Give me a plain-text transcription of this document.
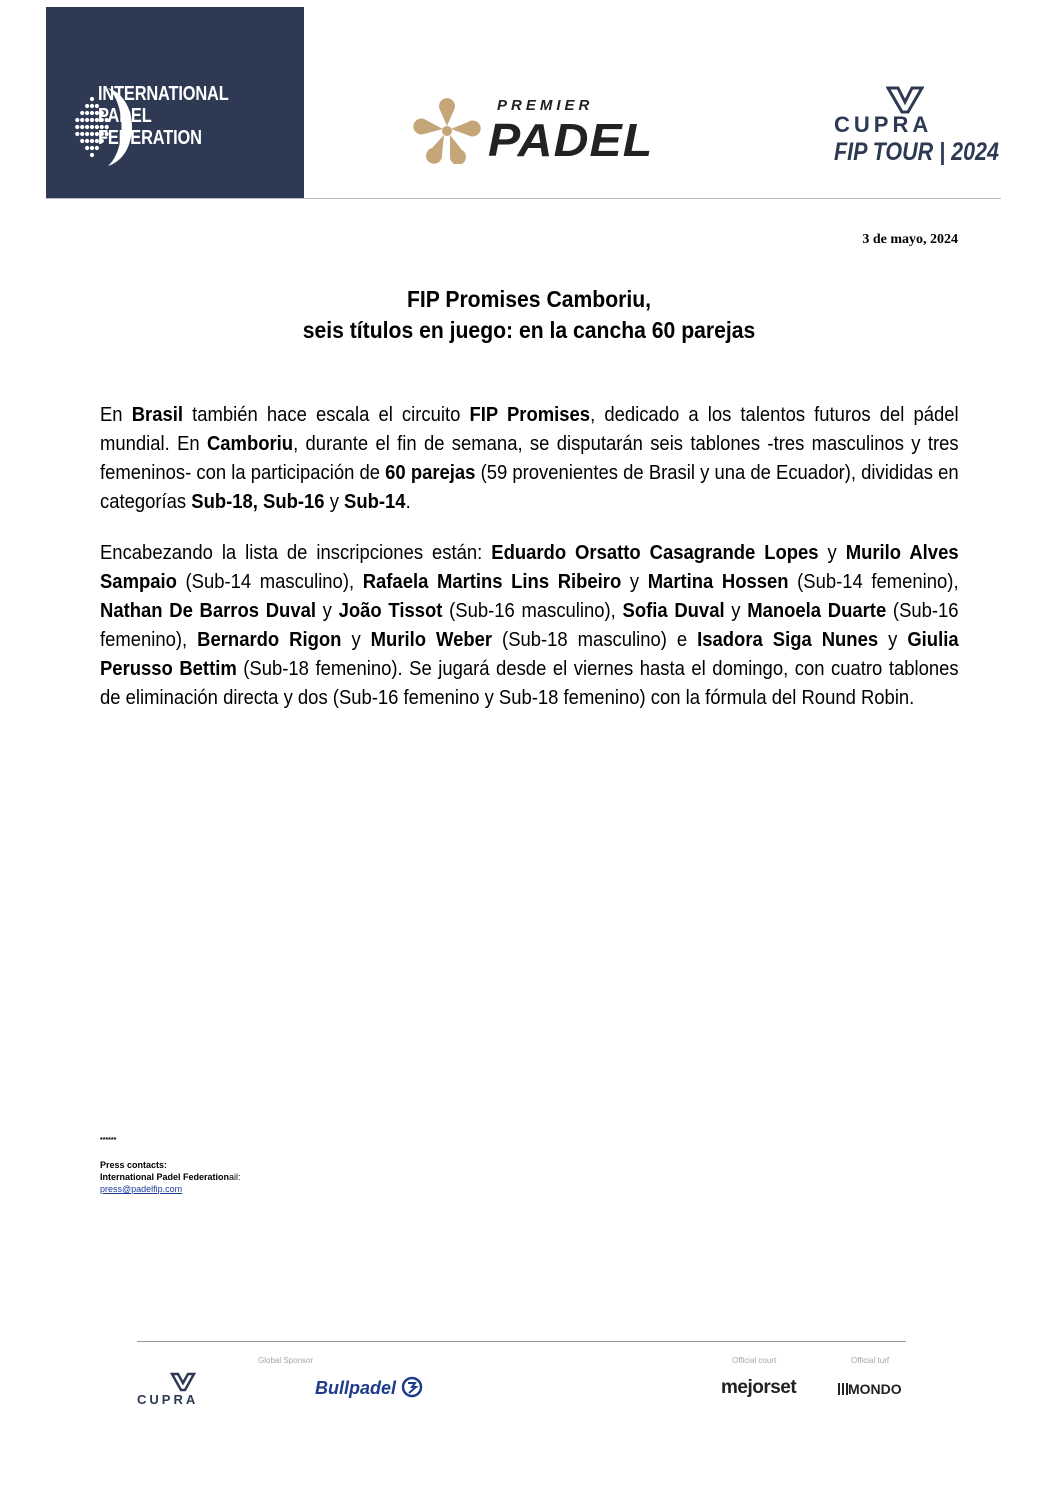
INTERNATIONAL
PADEL
FEDERATION
PREMIER
PADEL	CUPRA
FIP TOUR | 2024
3 de mayo, 2024
FIP Promises Camboriu,
seis títulos en juego: en la cancha 60 parejas
En Brasil también hace escala el circuito FIP Promises, dedicado a los talentos futuros del pádel mundial. En Camboriu, durante el fin de semana, se disputarán seis tablones -tres masculinos y tres femeninos- con la participación de 60 parejas (59 provenientes de Brasil y una de Ecuador), divididas en categorías Sub-18, Sub-16 y Sub-14.
Encabezando la lista de inscripciones están: Eduardo Orsatto Casagrande Lopes y Murilo Alves Sampaio (Sub-14 masculino), Rafaela Martins Lins Ribeiro y Martina Hossen (Sub-14 femenino), Nathan De Barros Duval y João Tissot (Sub-16 masculino), Sofia Duval y Manoela Duarte (Sub-16 femenino), Bernardo Rigon y Murilo Weber (Sub-18 masculino) e Isadora Siga Nunes y Giulia Perusso Bettim (Sub-18 femenino). Se jugará desde el viernes hasta el domingo, con cuatro tablones de eliminación directa y dos (Sub-16 femenino y Sub-18 femenino) con la fórmula del Round Robin.
******
Press contacts:
International Padel Federationail:
press@padelfip.com
Global Sponsor	Official court	Official turf
CUPRA
Bullpadel	mejorset	MONDO
